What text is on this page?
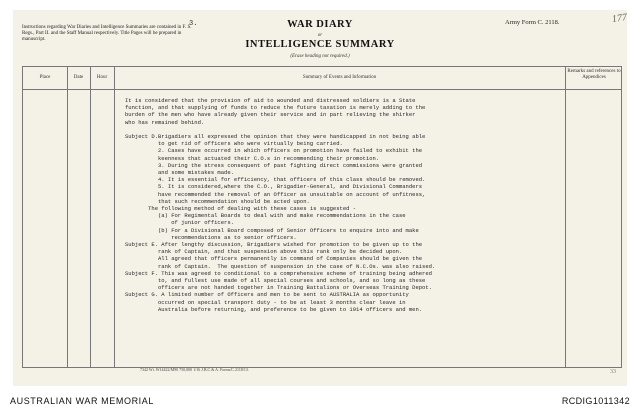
3.
Instructions regarding War Diaries and Intelligence Summaries are contained in F. S. Regs., Part II. and the Staff Manual respectively. Title Pages will be prepared in manuscript.
WAR DIARY
or
INTELLIGENCE SUMMARY
(Erase heading not required.)
Army Form C. 2118.	177
Place	Date	Hour	Summary of Events and Information
Remarks and references to Appendices
It is considered that the provision of aid to wounded and distressed soldiers is a State
function, and that supplying of funds to reduce the future taxation is merely adding to the
burden of the men who have already given their service and in part relieving the shirker
who has remained behind.

Subject D.Brigadiers all expressed the opinion that they were handicapped in not being able
to get rid of officers who were virtually being carried.
2. Cases have occurred in which officers on promotion have failed to exhibit the
keenness that actuated their C.O.s in recommending their promotion.
3. During the stress consequent of past fighting direct commissions were granted
and some mistakes made.
4. It is essential for efficiency, that officers of this class should be removed.
5. It is considered,where the C.O., Brigadier-General, and Divisional Commanders
have recommended the removal of an Officer as unsuitable on account of unfitness,
that such recommendation should be acted upon.
The following method of dealing with these cases is suggested -
(a) For Regimental Boards to deal with and make recommendations in the case
of junior officers.
(b) For a Divisional Board composed of Senior Officers to enquire into and make
recommendations as to senior officers.
Subject E. After lengthy discussion, Brigadiers wished for promotion to be given up to the
rank of Captain, and that suspension above this rank only be decided upon.
All agreed that officers permanently in command of Companies should be given the
rank of Captain.  The question of suspension in the case of N.C.Os. was also raised.
Subject F. This was agreed to conditional to a comprehensive scheme of training being adhered
to, and fullest use made of all special courses and schools, and so long as these
officers are not handed together in Training Battalions or Overseas Training Depot.
Subject G. A limited number of Officers and men to be sent to AUSTRALIA as opportunity
occurred on special transport duty - to be at least 3 months clear leave in
Australia before returning, and preference to be given to 1914 officers and men.
7342 Wt. W14422/M90 750,000 1/16 J.B.C.& A. Forms/C.2118/13.	33
AUSTRALIAN WAR MEMORIAL	RCDIG1011342
